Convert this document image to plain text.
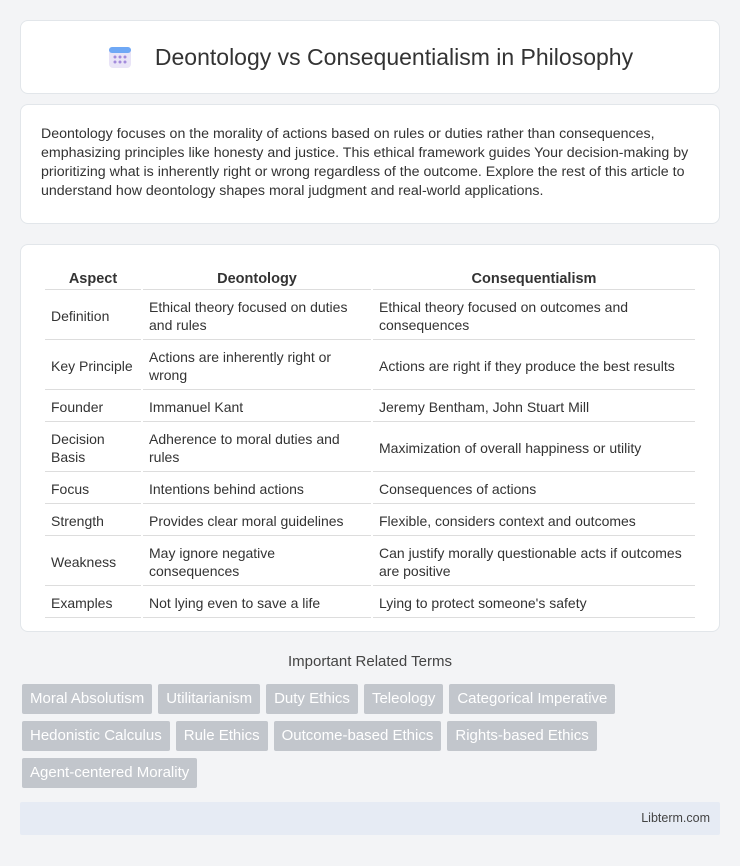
Deontology vs Consequentialism in Philosophy

Deontology focuses on the morality of actions based on rules or duties rather than consequences, emphasizing principles like honesty and justice. This ethical framework guides Your decision-making by prioritizing what is inherently right or wrong regardless of the outcome. Explore the rest of this article to understand how deontology shapes moral judgment and real-world applications.

Aspect	Deontology	Consequentialism
Definition	Ethical theory focused on duties and rules	Ethical theory focused on outcomes and consequences
Key Principle	Actions are inherently right or wrong	Actions are right if they produce the best results
Founder	Immanuel Kant	Jeremy Bentham, John Stuart Mill
Decision Basis	Adherence to moral duties and rules	Maximization of overall happiness or utility
Focus	Intentions behind actions	Consequences of actions
Strength	Provides clear moral guidelines	Flexible, considers context and outcomes
Weakness	May ignore negative consequences	Can justify morally questionable acts if outcomes are positive
Examples	Not lying even to save a life	Lying to protect someone's safety
Important Related Terms
Moral Absolutism	Utilitarianism	Duty Ethics	Teleology	Categorical Imperative
Hedonistic Calculus	Rule Ethics	Outcome-based Ethics	Rights-based Ethics
Agent-centered Morality
Libterm.com
